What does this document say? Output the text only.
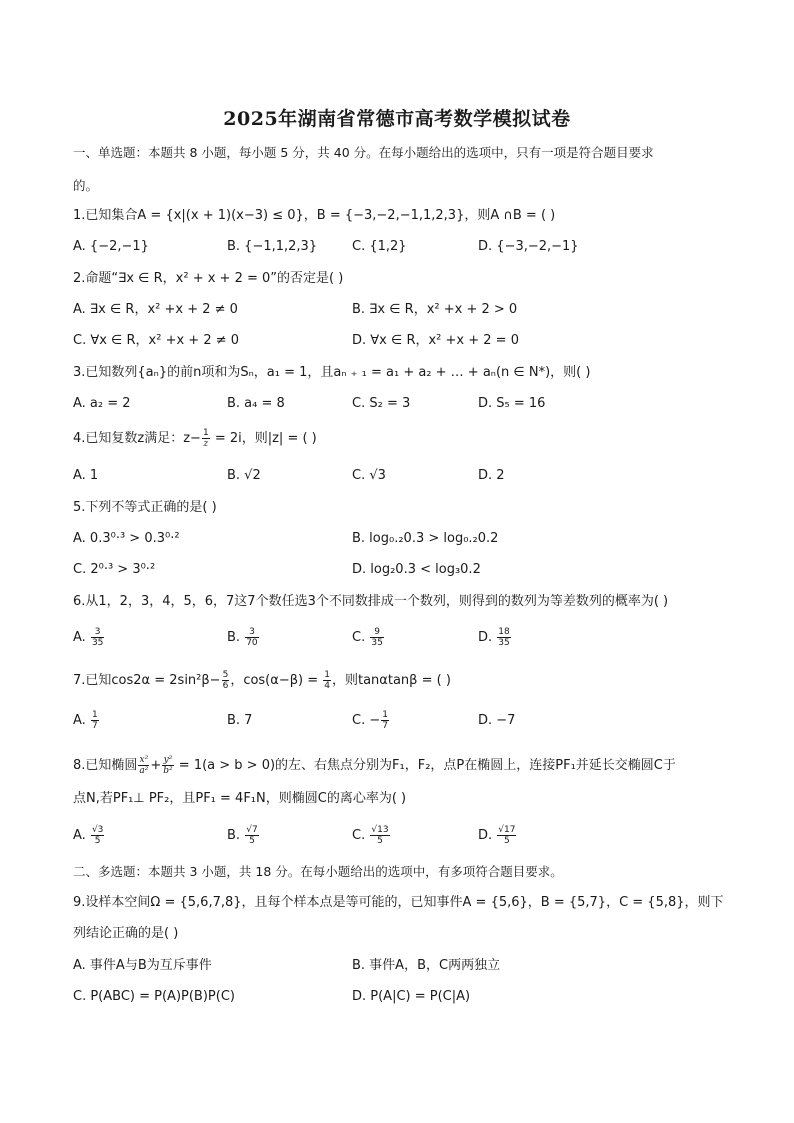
2025年湖南省常德市高考数学模拟试卷
一、单选题：本题共 8 小题，每小题 5 分，共 40 分。在每小题给出的选项中，只有一项是符合题目要求
的。
1.已知集合A = {x|(x + 1)(x−3) ≤ 0}，B = {−3,−2,−1,1,2,3}，则A ∩B = ( )
A. {−2,−1}	B. {−1,1,2,3}	C. {1,2}	D. {−3,−2,−1}
2.命题“∃x ∈ R，x² + x + 2 = 0”的否定是( )
A. ∃x ∈ R，x² +x + 2 ≠ 0	B. ∃x ∈ R，x² +x + 2 > 0
C. ∀x ∈ R，x² +x + 2 ≠ 0	D. ∀x ∈ R，x² +x + 2 = 0
3.已知数列{aₙ}的前n项和为Sₙ，a₁ = 1，且aₙ ₊ ₁ = a₁ + a₂ + … + aₙ(n ∈ N*)，则( )
A. a₂ = 2	B. a₄ = 8	C. S₂ = 3	D. S₅ = 16
4.已知复数z满足：$z- \frac{1}{z} = 2i$，则|z| = ( )
A. 1	B. √2	C. √3	D. 2
5.下列不等式正确的是( )
A. 0.3⁰·³ > 0.3⁰·²	B. log₀.₂0.3 > log₀.₂0.2
C. 2⁰·³ > 3⁰·²	D. log₂0.3 < log₃0.2
6.从1，2，3，4，5，6，7这7个数任选3个不同数排成一个数列，则得到的数列为等差数列的概率为( )
A. $\frac{3}{35}$	B. $\frac{3}{70}$	C. $\frac{9}{35}$	D. $\frac{18}{35}$
7.已知$\cos 2\alpha = 2\sin^2\beta- \frac{5}{6}$ ，$\cos(\alpha-\beta) = \frac{1}{4}$ ，则tanαtanβ = ( )
A. $\frac{1}{7}$	B. 7	C. − $\frac{1}{7}$	D. −7
8.已知椭圆 $\frac{\text{x²}}{\text{a²}} + \frac{\text{y²}}{\text{b²}} = 1(a > b > 0)$的左、右焦点分别为F₁，F₂，点P在椭圆上，连接PF₁并延长交椭圆C于
点N,若PF₁⊥ PF₂，且PF₁ = 4F₁N，则椭圆C的离心率为( )
A. $\frac{√3}{5}$	B. $\frac{√7}{5}$	C. $\frac{√13}{5}$	D. $\frac{√17}{5}$
二、多选题：本题共 3 小题，共 18 分。在每小题给出的选项中，有多项符合题目要求。
9.设样本空间Ω = {5,6,7,8}，且每个样本点是等可能的，已知事件A = {5,6}，B = {5,7}，C = {5,8}，则下
列结论正确的是( )
A. 事件A与B为互斥事件	B. 事件A，B，C两两独立
C. P(ABC) = P(A)P(B)P(C)	D. P(A|C) = P(C|A)
